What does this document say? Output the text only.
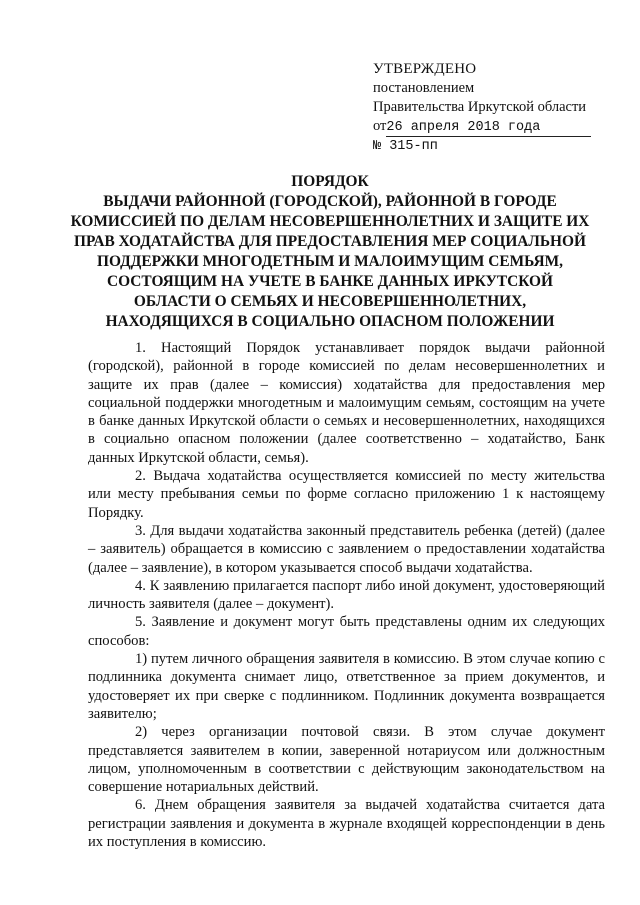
УТВЕРЖДЕНО
постановлением
Правительства Иркутской области
от26 апреля 2018 года
№ 315-пп
ПОРЯДОК
ВЫДАЧИ РАЙОННОЙ (ГОРОДСКОЙ), РАЙОННОЙ В ГОРОДЕ
КОМИССИЕЙ ПО ДЕЛАМ НЕСОВЕРШЕННОЛЕТНИХ И ЗАЩИТЕ ИХ
ПРАВ ХОДАТАЙСТВА ДЛЯ ПРЕДОСТАВЛЕНИЯ МЕР СОЦИАЛЬНОЙ
ПОДДЕРЖКИ МНОГОДЕТНЫМ И МАЛОИМУЩИМ СЕМЬЯМ,
СОСТОЯЩИМ НА УЧЕТЕ В БАНКЕ ДАННЫХ ИРКУТСКОЙ
ОБЛАСТИ О СЕМЬЯХ И НЕСОВЕРШЕННОЛЕТНИХ,
НАХОДЯЩИХСЯ В СОЦИАЛЬНО ОПАСНОМ ПОЛОЖЕНИИ

1. Настоящий Порядок устанавливает порядок выдачи районной (городской), районной в городе комиссией по делам несовершеннолетних и защите их прав (далее – комиссия) ходатайства для предоставления мер социальной поддержки многодетным и малоимущим семьям, состоящим на учете в банке данных Иркутской области о семьях и несовершеннолетних, находящихся в социально опасном положении (далее соответственно – ходатайство, Банк данных Иркутской области, семья).

2. Выдача ходатайства осуществляется комиссией по месту жительства или месту пребывания семьи по форме согласно приложению 1 к настоящему Порядку.

3. Для выдачи ходатайства законный представитель ребенка (детей) (далее – заявитель) обращается в комиссию с заявлением о предоставлении ходатайства (далее – заявление), в котором указывается способ выдачи ходатайства.

4. К заявлению прилагается паспорт либо иной документ, удостоверяющий личность заявителя (далее – документ).

5. Заявление и документ могут быть представлены одним их следующих способов:

1) путем личного обращения заявителя в комиссию. В этом случае копию с подлинника документа снимает лицо, ответственное за прием документов, и удостоверяет их при сверке с подлинником. Подлинник документа возвращается заявителю;

2) через организации почтовой связи. В этом случае документ представляется заявителем в копии, заверенной нотариусом или должностным лицом, уполномоченным в соответствии с действующим законодательством на совершение нотариальных действий.

6. Днем обращения заявителя за выдачей ходатайства считается дата регистрации заявления и документа в журнале входящей корреспонденции в день их поступления в комиссию.
